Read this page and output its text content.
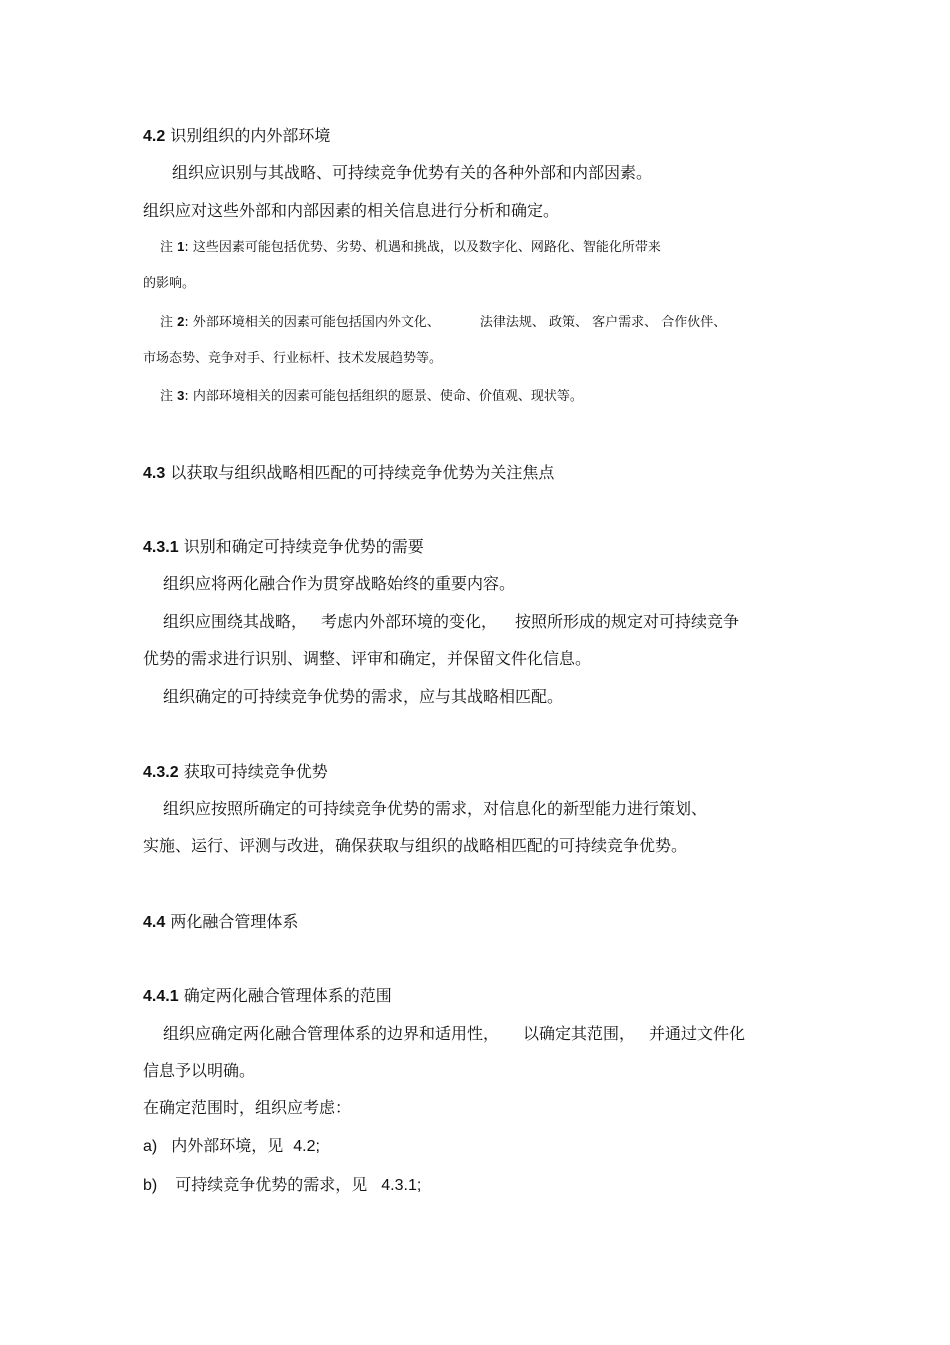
4.2 识别组织的内外部环境
组织应识别与其战略、可持续竞争优势有关的各种外部和内部因素。
组织应对这些外部和内部因素的相关信息进行分析和确定。
注 1: 这些因素可能包括优势、劣势、机遇和挑战，以及数字化、网路化、智能化所带来
的影响。
注 2: 外部环境相关的因素可能包括国内外文化、	法律法规、 政策、 客户需求、 合作伙伴、
市场态势、竞争对手、行业标杆、技术发展趋势等。
注 3: 内部环境相关的因素可能包括组织的愿景、使命、价值观、现状等。
4.3 以获取与组织战略相匹配的可持续竞争优势为关注焦点
4.3.1 识别和确定可持续竞争优势的需要
组织应将两化融合作为贯穿战略始终的重要内容。
组织应围绕其战略， 考虑内外部环境的变化， 按照所形成的规定对可持续竞争
优势的需求进行识别、调整、评审和确定，并保留文件化信息。
组织确定的可持续竞争优势的需求，应与其战略相匹配。
4.3.2 获取可持续竞争优势
组织应按照所确定的可持续竞争优势的需求，对信息化的新型能力进行策划、
实施、运行、评测与改进，确保获取与组织的战略相匹配的可持续竞争优势。
4.4 两化融合管理体系
4.4.1 确定两化融合管理体系的范围
组织应确定两化融合管理体系的边界和适用性， 以确定其范围， 并通过文件化
信息予以明确。
在确定范围时，组织应考虑：
a) 内外部环境，见 4.2;
b) 可持续竞争优势的需求，见 4.3.1;
